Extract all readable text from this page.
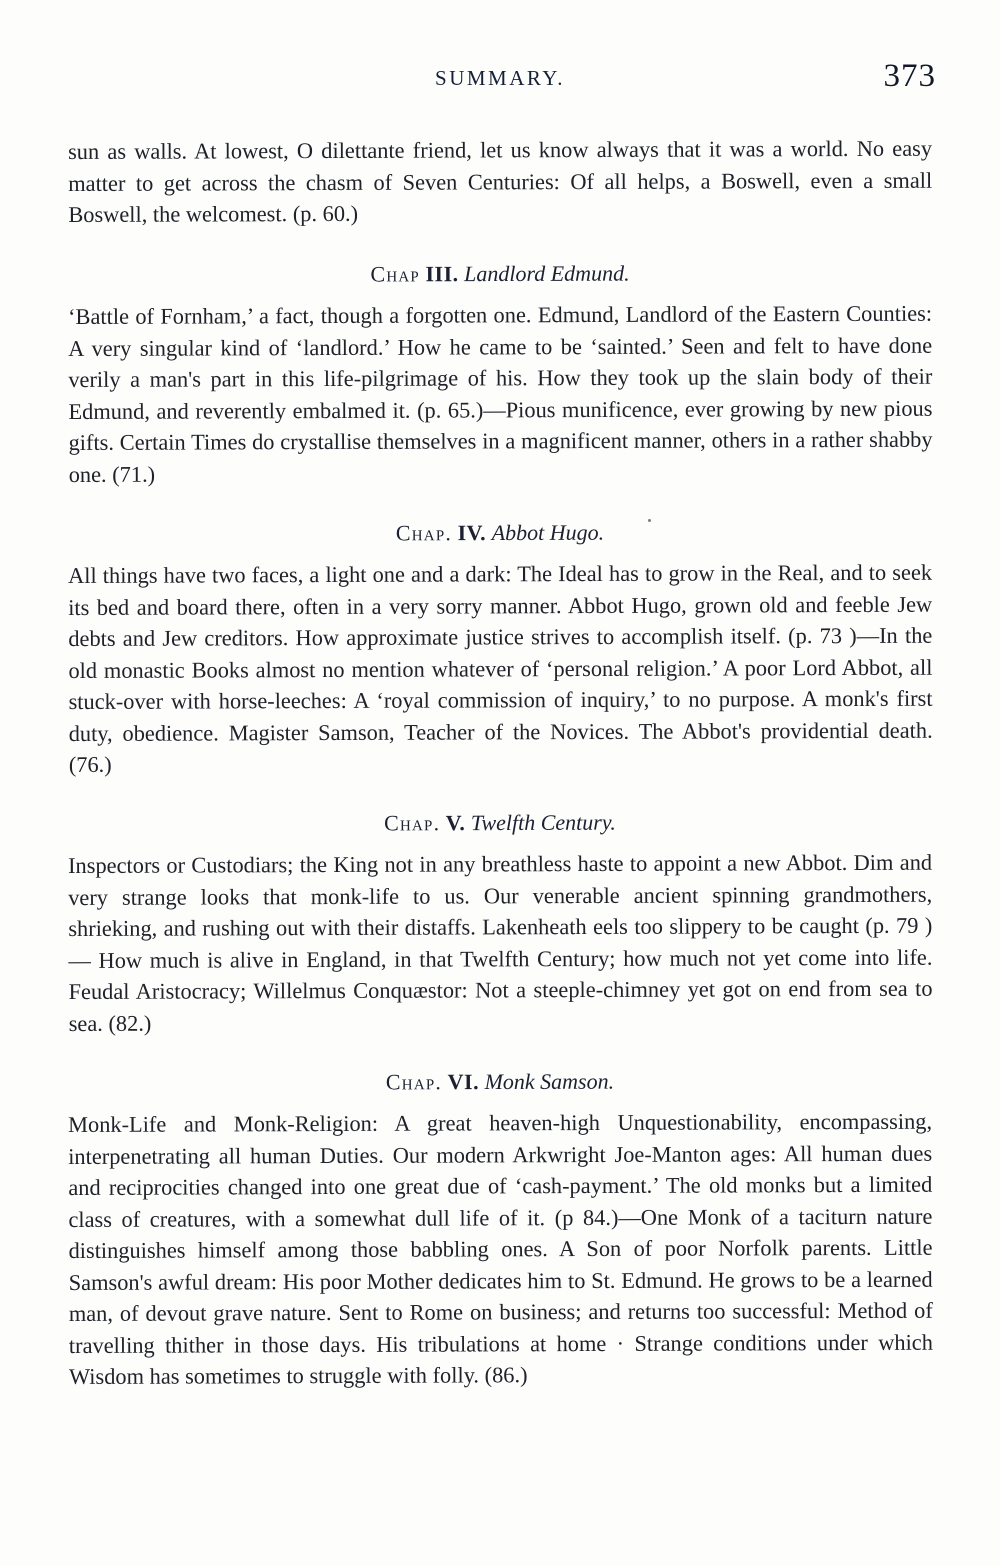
SUMMARY.	373

sun as walls. At lowest, O dilettante friend, let us know always that it was a world. No easy matter to get across the chasm of Seven Centuries: Of all helps, a Boswell, even a small Boswell, the welcomest. (p. 60.)

Chap III. Landlord Edmund.

‘Battle of Fornham,’ a fact, though a forgotten one. Edmund, Landlord of the Eastern Counties: A very singular kind of ‘landlord.’ How he came to be ‘sainted.’ Seen and felt to have done verily a man's part in this life-pilgrimage of his. How they took up the slain body of their Edmund, and reverently embalmed it. (p. 65.)—Pious munificence, ever growing by new pious gifts. Certain Times do crystallise themselves in a magnificent manner, others in a rather shabby one. (71.)

Chap. IV. Abbot Hugo.

All things have two faces, a light one and a dark: The Ideal has to grow in the Real, and to seek its bed and board there, often in a very sorry manner. Abbot Hugo, grown old and feeble Jew debts and Jew creditors. How approximate justice strives to accomplish itself. (p. 73 )—In the old monastic Books almost no mention whatever of ‘personal religion.’ A poor Lord Abbot, all stuck-over with horse-leeches: A ‘royal commission of inquiry,’ to no purpose. A monk's first duty, obedience. Magister Samson, Teacher of the Novices. The Abbot's providential death. (76.)

Chap. V. Twelfth Century.

Inspectors or Custodiars; the King not in any breathless haste to appoint a new Abbot. Dim and very strange looks that monk-life to us. Our venerable ancient spinning grandmothers, shrieking, and rushing out with their distaffs. Lakenheath eels too slippery to be caught (p. 79 )— How much is alive in England, in that Twelfth Century; how much not yet come into life. Feudal Aristocracy; Willelmus Conquæstor: Not a steeple-chimney yet got on end from sea to sea. (82.)

Chap. VI. Monk Samson.

Monk-Life and Monk-Religion: A great heaven-high Unquestionability, encompassing, interpenetrating all human Duties. Our modern Arkwright Joe-Manton ages: All human dues and reciprocities changed into one great due of ‘cash-payment.’ The old monks but a limited class of creatures, with a somewhat dull life of it. (p 84.)—One Monk of a taciturn nature distinguishes himself among those babbling ones. A Son of poor Norfolk parents. Little Samson's awful dream: His poor Mother dedicates him to St. Edmund. He grows to be a learned man, of devout grave nature. Sent to Rome on business; and returns too successful: Method of travelling thither in those days. His tribulations at home · Strange conditions under which Wisdom has sometimes to struggle with folly. (86.)
